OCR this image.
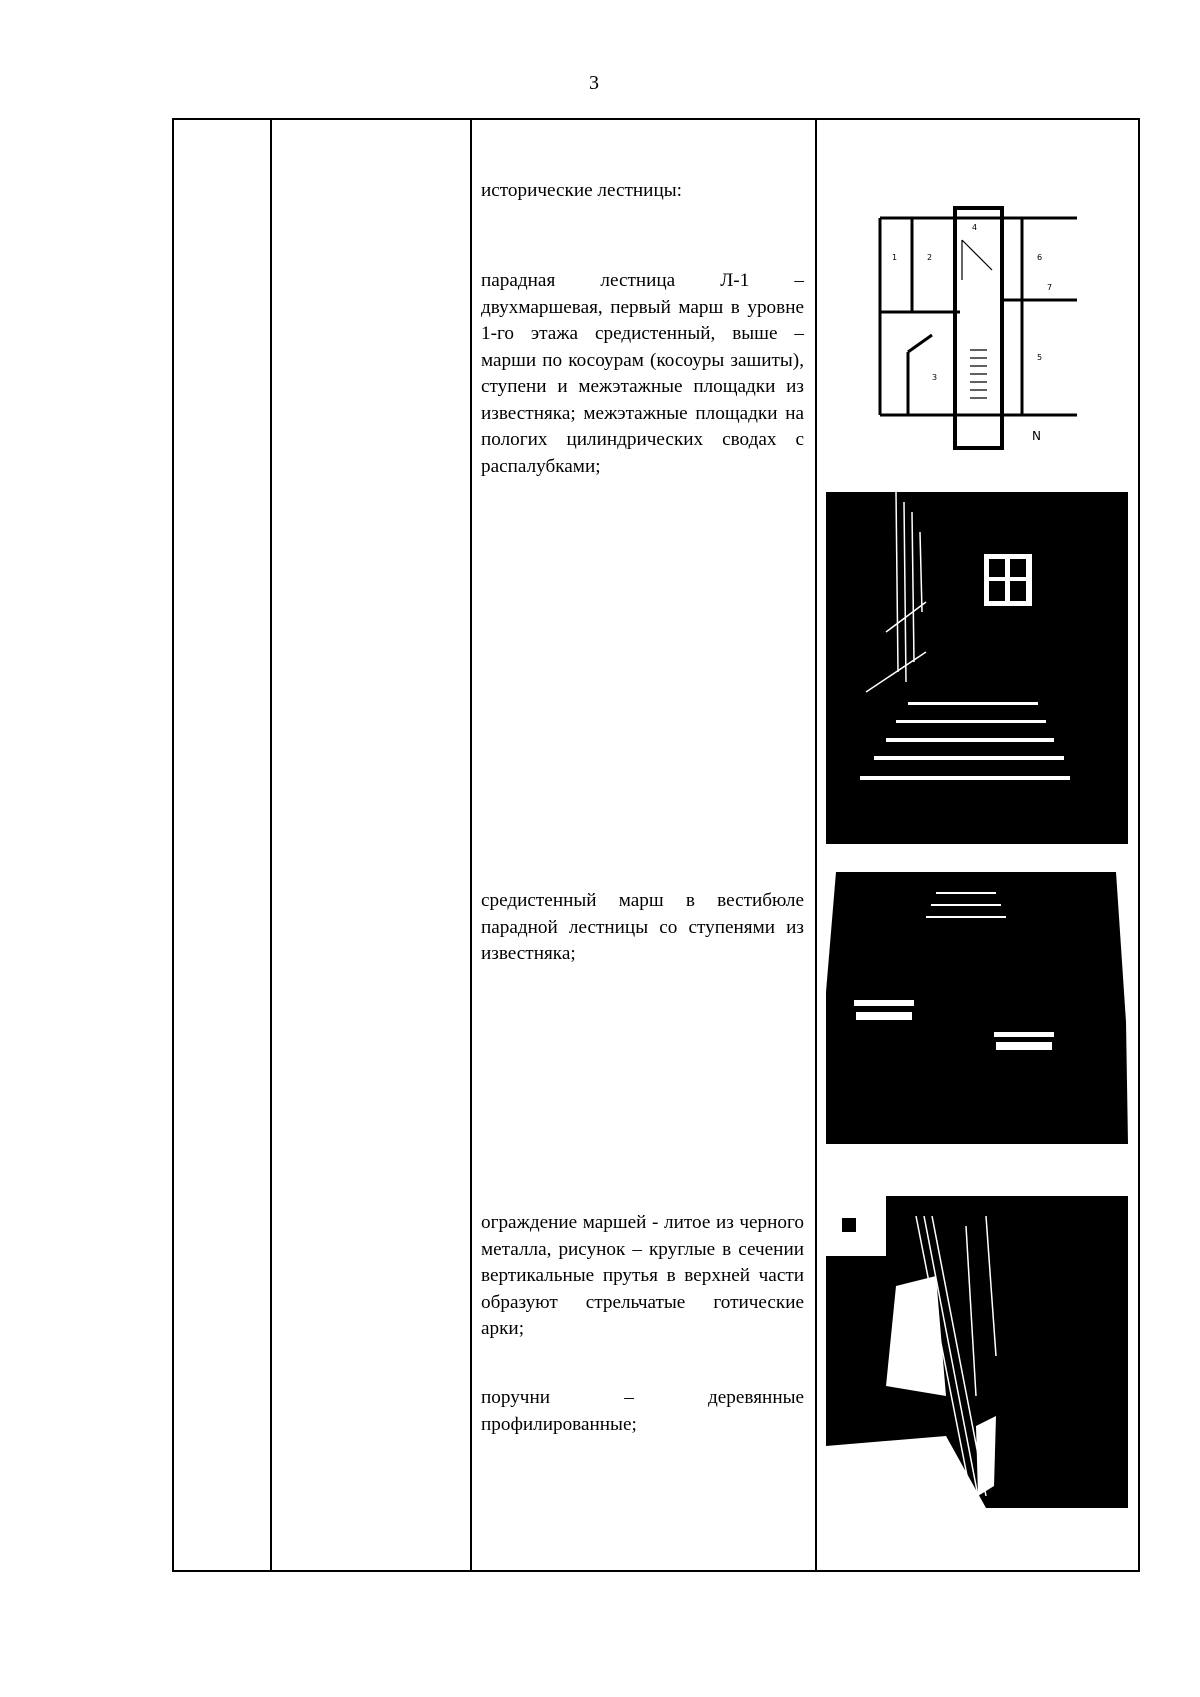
3

исторические лестницы:

парадная лестница Л-1 – двухмаршевая, первый марш в уровне 1-го этажа средистенный, выше – марши по косоурам (косоуры зашиты), ступени и межэтажные площадки из известняка; межэтажные площадки на пологих цилиндрических сводах с распалубками;

средистенный марш в вестибюле парадной лестницы со ступенями из известняка;

ограждение маршей - литое из черного металла, рисунок – круглые в сечении вертикальные прутья в верхней части образуют стрельчатые готические арки;

поручни – деревянные профилированные;

1	2
3
4
5
6
7
N
